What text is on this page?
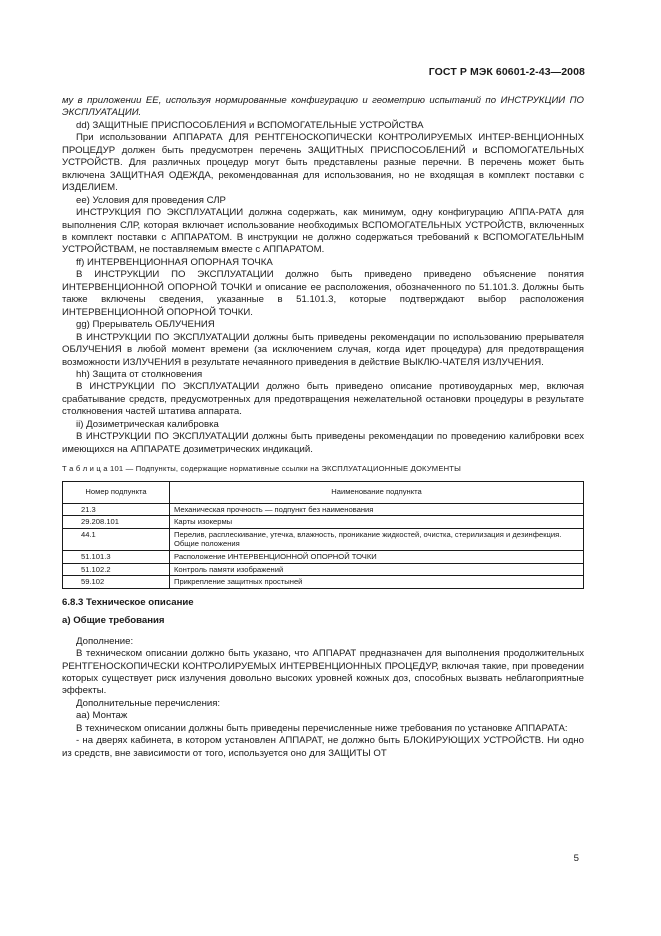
ГОСТ Р МЭК 60601-2-43—2008

му в приложении ЕЕ, используя нормированные конфигурацию и геометрию испытаний по ИНСТРУКЦИИ ПО ЭКСПЛУАТАЦИИ.

dd) ЗАЩИТНЫЕ ПРИСПОСОБЛЕНИЯ и ВСПОМОГАТЕЛЬНЫЕ УСТРОЙСТВА

При использовании АППАРАТА ДЛЯ РЕНТГЕНОСКОПИЧЕСКИ КОНТРОЛИРУЕМЫХ ИНТЕР-ВЕНЦИОННЫХ ПРОЦЕДУР должен быть предусмотрен перечень ЗАЩИТНЫХ ПРИСПОСОБЛЕНИЙ и ВСПОМОГАТЕЛЬНЫХ УСТРОЙСТВ. Для различных процедур могут быть представлены разные перечни. В перечень может быть включена ЗАЩИТНАЯ ОДЕЖДА, рекомендованная для использования, но не входящая в комплект поставки с ИЗДЕЛИЕМ.

ee) Условия для проведения СЛР

ИНСТРУКЦИЯ ПО ЭКСПЛУАТАЦИИ должна содержать, как минимум, одну конфигурацию АППА-РАТА для выполнения СЛР, которая включает использование необходимых ВСПОМОГАТЕЛЬНЫХ УСТРОЙСТВ, включенных в комплект поставки с АППАРАТОМ. В инструкции не должно содержаться требований к ВСПОМОГАТЕЛЬНЫМ УСТРОЙСТВАМ, не поставляемым вместе с АППАРАТОМ.

ff) ИНТЕРВЕНЦИОННАЯ ОПОРНАЯ ТОЧКА

В ИНСТРУКЦИИ ПО ЭКСПЛУАТАЦИИ должно быть приведено приведено объяснение понятия ИНТЕРВЕНЦИОННОЙ ОПОРНОЙ ТОЧКИ и описание ее расположения, обозначенного по 51.101.3. Должны быть также включены сведения, указанные в 51.101.3, которые подтверждают выбор расположения ИНТЕРВЕНЦИОННОЙ ОПОРНОЙ ТОЧКИ.

gg) Прерыватель ОБЛУЧЕНИЯ

В ИНСТРУКЦИИ ПО ЭКСПЛУАТАЦИИ должны быть приведены рекомендации по использованию прерывателя ОБЛУЧЕНИЯ в любой момент времени (за исключением случая, когда идет процедура) для предотвращения возможности ИЗЛУЧЕНИЯ в результате нечаянного приведения в действие ВЫКЛЮ-ЧАТЕЛЯ ИЗЛУЧЕНИЯ.

hh) Защита от столкновения

В ИНСТРУКЦИИ ПО ЭКСПЛУАТАЦИИ должно быть приведено описание противоударных мер, включая срабатывание средств, предусмотренных для предотвращения нежелательной остановки процедуры в результате столкновения частей штатива аппарата.

ii) Дозиметрическая калибровка

В ИНСТРУКЦИИ ПО ЭКСПЛУАТАЦИИ должны быть приведены рекомендации по проведению калибровки всех имеющихся на АППАРАТЕ дозиметрических индикаций.

Т а б л и ц а 101 — Подпункты, содержащие нормативные ссылки на ЭКСПЛУАТАЦИОННЫЕ ДОКУМЕНТЫ
Номер подпункта	Наименование подпункта
21.3	Механическая прочность — подпункт без наименования
29.208.101	Карты изокермы
44.1	Перелив, расплескивание, утечка, влажность, проникание жидкостей, очистка, стерилизация и дезинфекция. Общие положения
51.101.3	Расположение ИНТЕРВЕНЦИОННОЙ ОПОРНОЙ ТОЧКИ
51.102.2	Контроль памяти изображений
59.102	Прикрепление защитных простыней
6.8.3 Техническое описание
а) Общие требования

Дополнение:

В техническом описании должно быть указано, что АППАРАТ предназначен для выполнения продолжительных РЕНТГЕНОСКОПИЧЕСКИ КОНТРОЛИРУЕМЫХ ИНТЕРВЕНЦИОННЫХ ПРОЦЕДУР, включая такие, при проведении которых существует риск излучения довольно высоких уровней кожных доз, способных вызвать неблагоприятные эффекты.

Дополнительные перечисления:

аа) Монтаж

В техническом описании должны быть приведены перечисленные ниже требования по установке АППАРАТА:

- на дверях кабинета, в котором установлен АППАРАТ, не должно быть БЛОКИРУЮЩИХ УСТРОЙСТВ. Ни одно из средств, вне зависимости от того, используется оно для ЗАЩИТЫ ОТ

5
